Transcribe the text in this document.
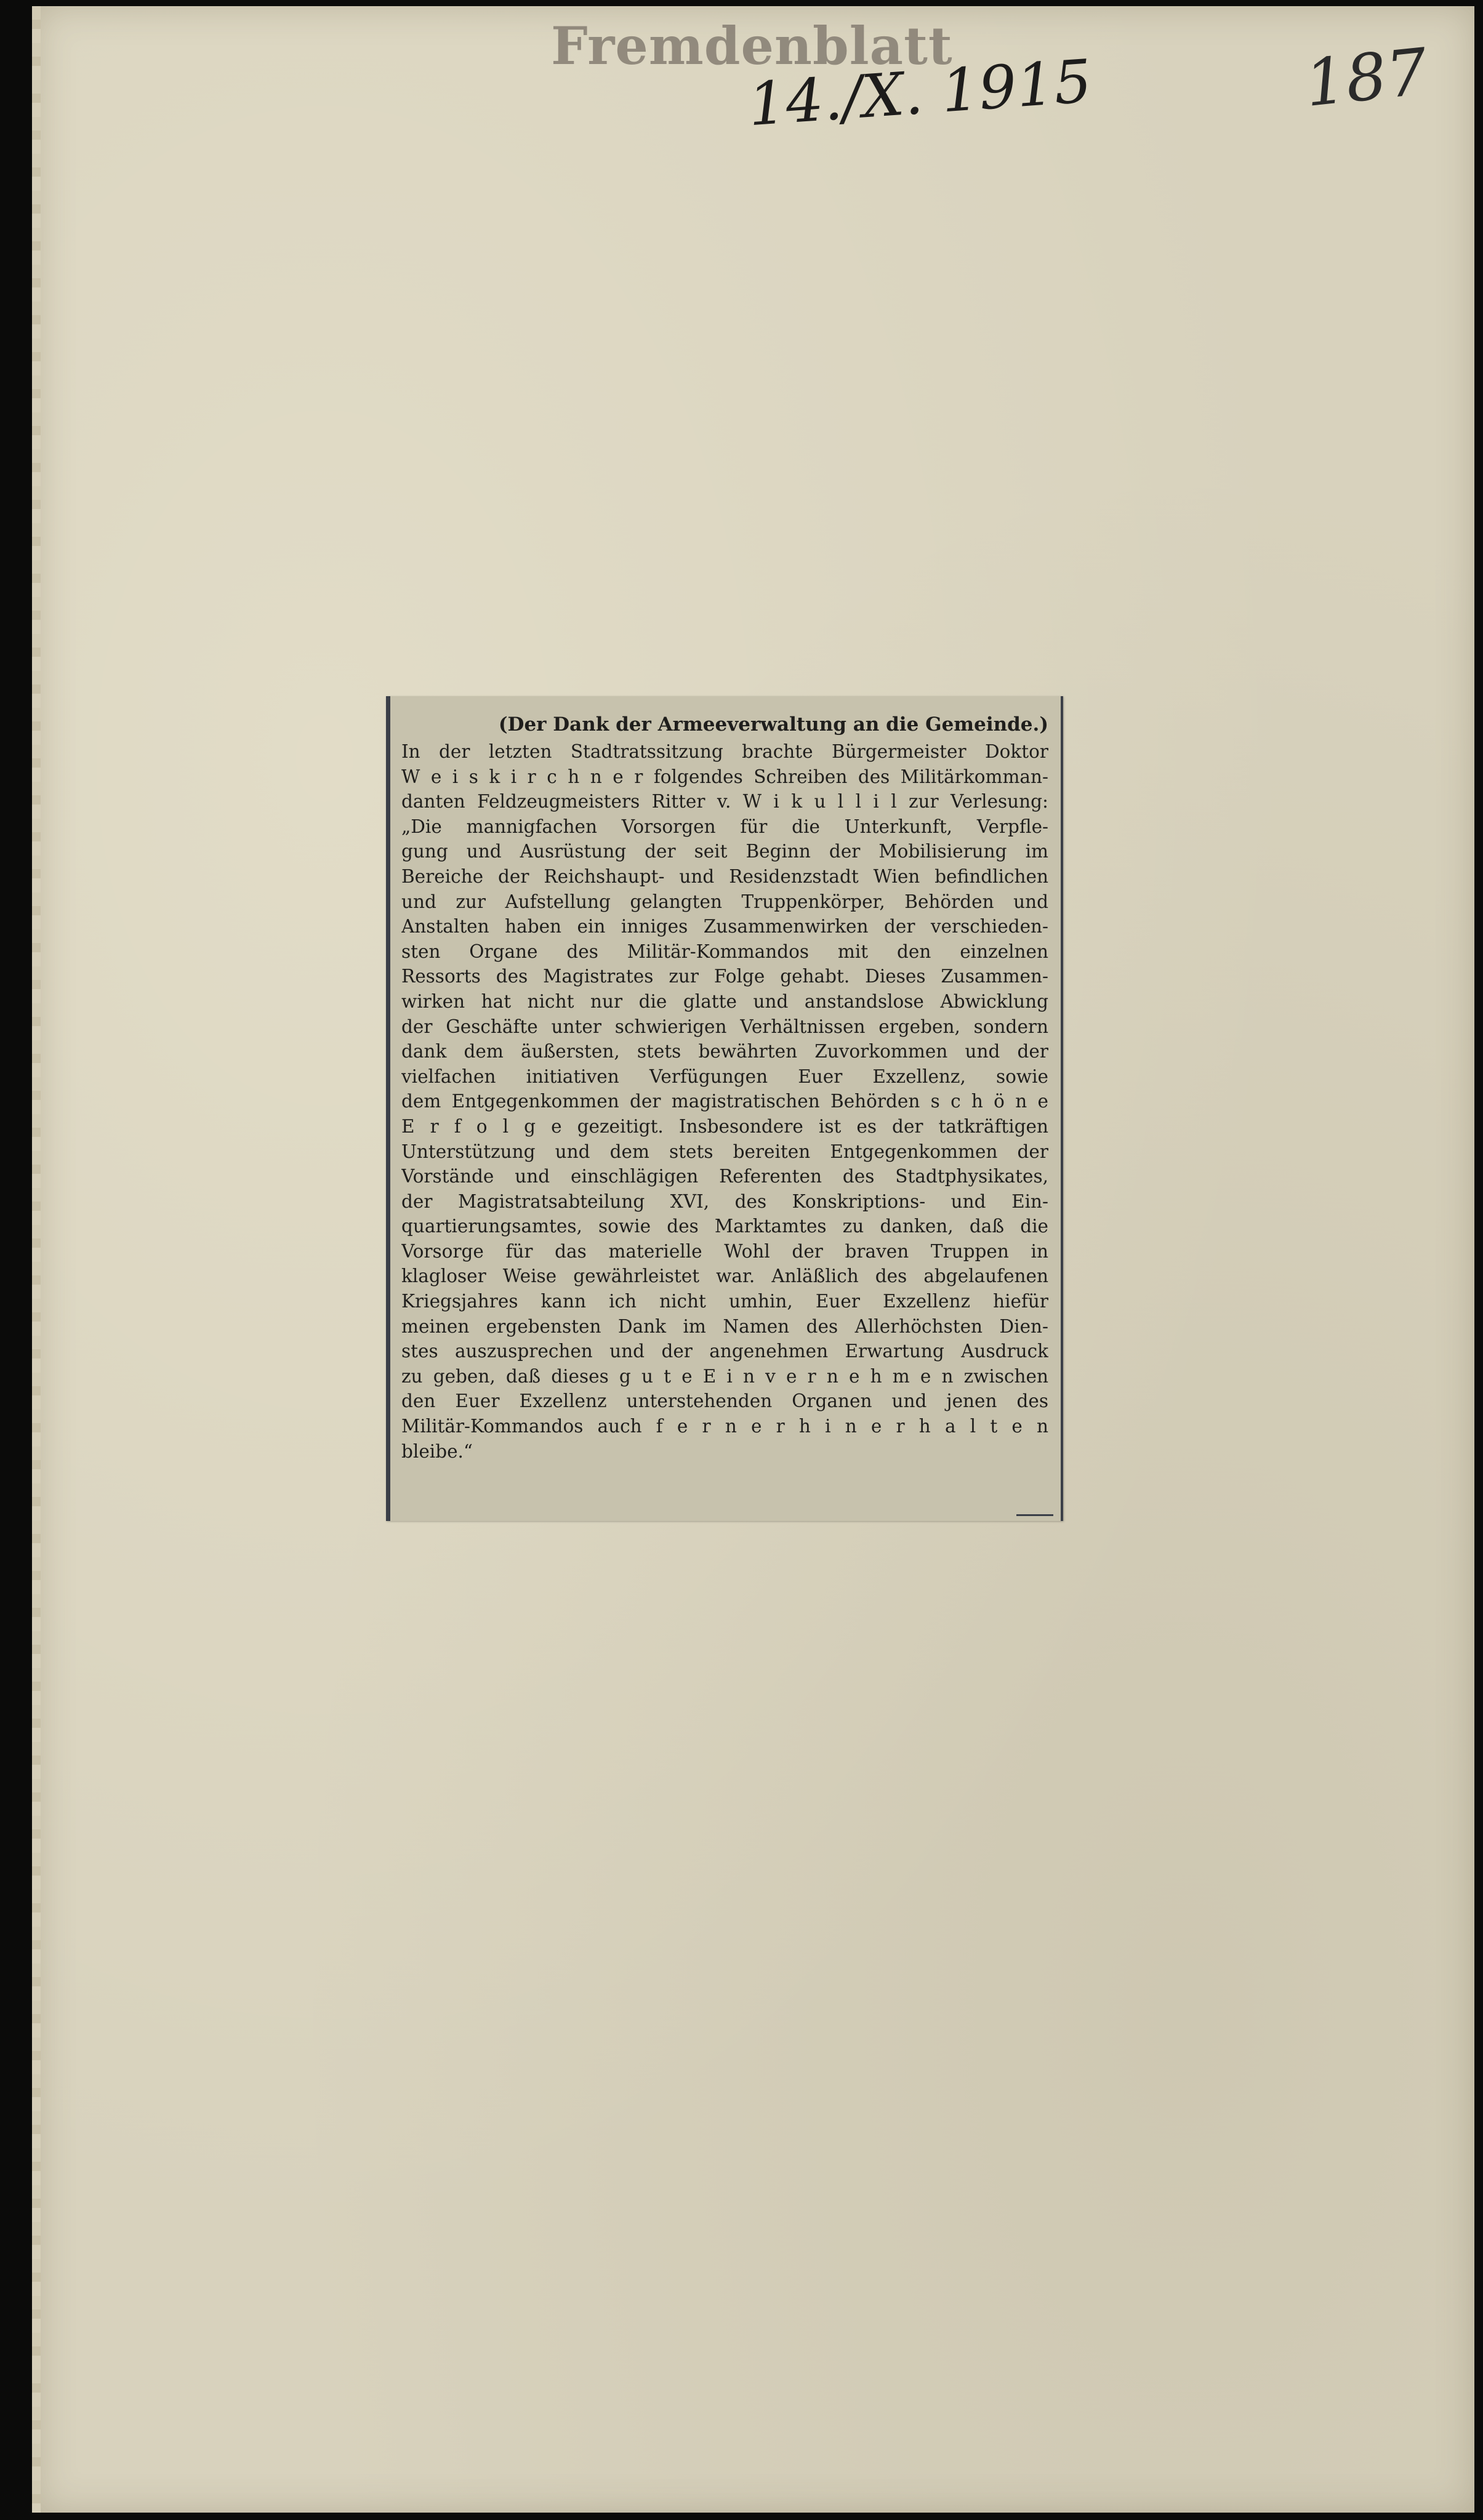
Fremdenblatt
14./X. 1915	187
(Der Dank der Armeeverwaltung an die Gemeinde.)
In der letzten Stadtratssitzung brachte Bürgermeister Doktor
W e i s k i r c h n e r folgendes Schreiben des Militärkomman-
danten Feldzeugmeisters Ritter v. W i k u l l i l zur Verlesung:
„Die mannigfachen Vorsorgen für die Unterkunft, Verpfle-
gung und Ausrüstung der seit Beginn der Mobilisierung im
Bereiche der Reichshaupt- und Residenzstadt Wien befindlichen
und zur Aufstellung gelangten Truppenkörper, Behörden und
Anstalten haben ein inniges Zusammenwirken der verschieden-
sten Organe des Militär-Kommandos mit den einzelnen
Ressorts des Magistrates zur Folge gehabt. Dieses Zusammen-
wirken hat nicht nur die glatte und anstandslose Abwicklung
der Geschäfte unter schwierigen Verhältnissen ergeben, sondern
dank dem äußersten, stets bewährten Zuvorkommen und der
vielfachen initiativen Verfügungen Euer Exzellenz, sowie
dem Entgegenkommen der magistratischen Behörden s c h ö n e
E r f o l g e gezeitigt. Insbesondere ist es der tatkräftigen
Unterstützung und dem stets bereiten Entgegenkommen der
Vorstände und einschlägigen Referenten des Stadtphysikates,
der Magistratsabteilung XVI, des Konskriptions- und Ein-
quartierungsamtes, sowie des Marktamtes zu danken, daß die
Vorsorge für das materielle Wohl der braven Truppen in
klagloser Weise gewährleistet war. Anläßlich des abgelaufenen
Kriegsjahres kann ich nicht umhin, Euer Exzellenz hiefür
meinen ergebensten Dank im Namen des Allerhöchsten Dien-
stes auszusprechen und der angenehmen Erwartung Ausdruck
zu geben, daß dieses g u t e E i n v e r n e h m e n zwischen
den Euer Exzellenz unterstehenden Organen und jenen des
Militär-Kommandos auch f e r n e r h i n e r h a l t e n
bleibe.“
